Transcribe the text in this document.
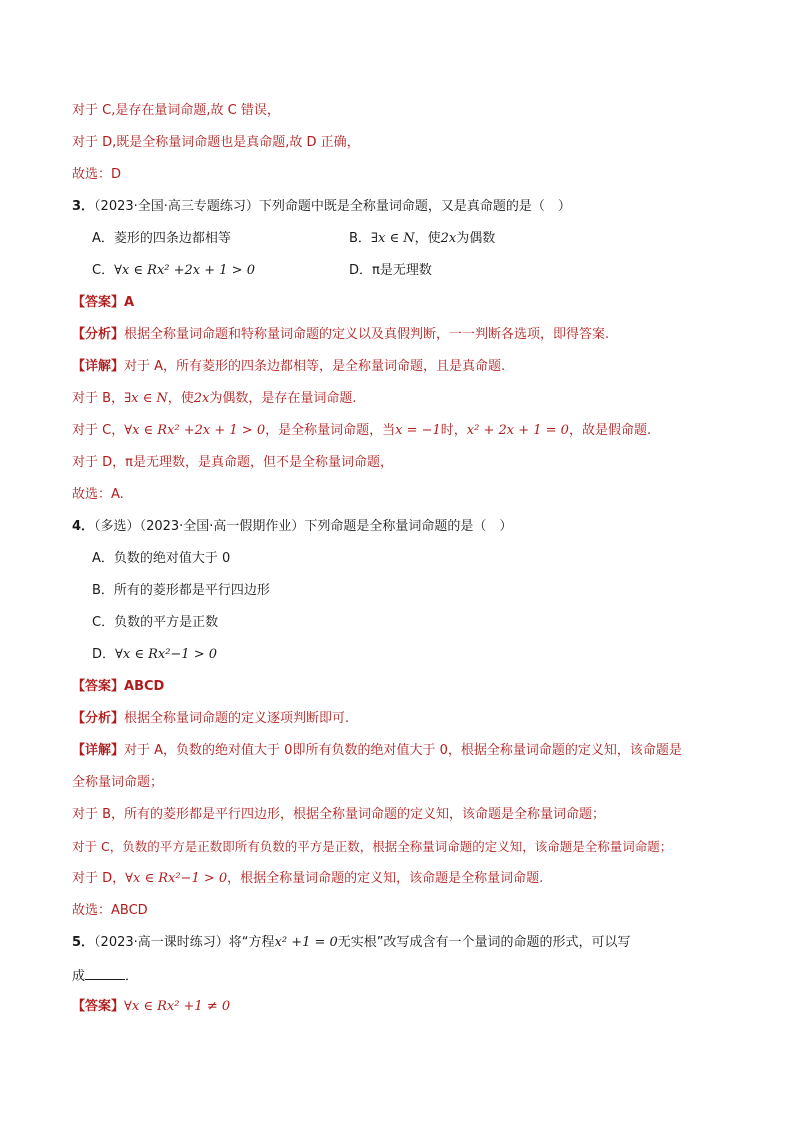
对于 C,是存在量词命题,故 C 错误，
对于 D,既是全称量词命题也是真命题,故 D 正确，
故选：D
3．（2023·全国·高三专题练习）下列命题中既是全称量词命题，又是真命题的是（　）
A．菱形的四条边都相等	B．∃x ∈ N，使2x为偶数
C．∀x ∈ Rx² +2x + 1 > 0	D．π是无理数
【答案】A
【分析】根据全称量词命题和特称量词命题的定义以及真假判断，一一判断各选项，即得答案.
【详解】对于 A，所有菱形的四条边都相等，是全称量词命题，且是真命题.
对于 B，∃x ∈ N，使2x为偶数，是存在量词命题.
对于 C，∀x ∈ Rx² +2x + 1 > 0，是全称量词命题，当x = −1时，x² + 2x + 1 = 0，故是假命题.
对于 D，π是无理数，是真命题，但不是全称量词命题，
故选：A.
4．（多选）（2023·全国·高一假期作业）下列命题是全称量词命题的是（　）
A．负数的绝对值大于 0
B．所有的菱形都是平行四边形
C．负数的平方是正数
D．∀x ∈ Rx²−1 > 0
【答案】ABCD
【分析】根据全称量词命题的定义逐项判断即可.
【详解】对于 A，负数的绝对值大于 0即所有负数的绝对值大于 0，根据全称量词命题的定义知，该命题是
全称量词命题；
对于 B，所有的菱形都是平行四边形，根据全称量词命题的定义知，该命题是全称量词命题；
对于 C，负数的平方是正数即所有负数的平方是正数，根据全称量词命题的定义知，该命题是全称量词命题；
对于 D，∀x ∈ Rx²−1 > 0，根据全称量词命题的定义知，该命题是全称量词命题.
故选：ABCD
5．（2023·高一课时练习）将“方程x² +1 = 0无实根”改写成含有一个量词的命题的形式，可以写
成	．
【答案】∀x ∈ Rx² +1 ≠ 0
